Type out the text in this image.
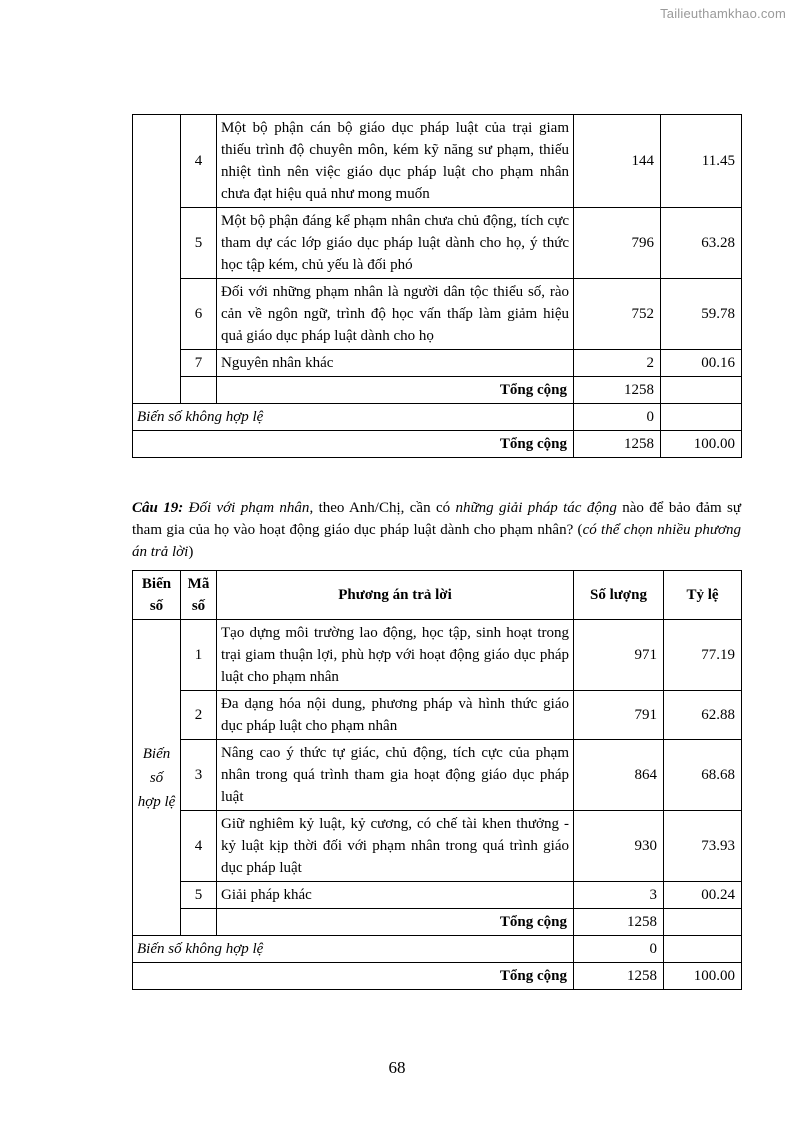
Tailieuthamkhao.com
	4	Một bộ phận cán bộ giáo dục pháp luật của trại giam thiếu trình độ chuyên môn, kém kỹ năng sư phạm, thiếu nhiệt tình nên việc giáo dục pháp luật cho phạm nhân chưa đạt hiệu quả như mong muốn	144	11.45
	5	Một bộ phận đáng kể phạm nhân chưa chủ động, tích cực tham dự các lớp giáo dục pháp luật dành cho họ, ý thức học tập kém, chủ yếu là đối phó	796	63.28
	6	Đối với những phạm nhân là người dân tộc thiểu số, rào cản về ngôn ngữ, trình độ học vấn thấp làm giảm hiệu quả giáo dục pháp luật dành cho họ	752	59.78
	7	Nguyên nhân khác	2	00.16
		Tổng cộng	1258	
Biến số không hợp lệ			0	
Tổng cộng			1258	100.00
Câu 19: Đối với phạm nhân, theo Anh/Chị, cần có những giải pháp tác động nào để bảo đảm sự tham gia của họ vào hoạt động giáo dục pháp luật dành cho phạm nhân? (có thể chọn nhiều phương án trả lời)
Biến số	Mã số	Phương án trả lời	Số lượng	Tỷ lệ
Biến số hợp lệ	1	Tạo dựng môi trường lao động, học tập, sinh hoạt trong trại giam thuận lợi, phù hợp với hoạt động giáo dục pháp luật cho phạm nhân	971	77.19
	2	Đa dạng hóa nội dung, phương pháp và hình thức giáo dục pháp luật cho phạm nhân	791	62.88
	3	Nâng cao ý thức tự giác, chủ động, tích cực của phạm nhân trong quá trình tham gia hoạt động giáo dục pháp luật	864	68.68
	4	Giữ nghiêm kỷ luật, kỷ cương, có chế tài khen thưởng - kỷ luật kịp thời đối với phạm nhân trong quá trình giáo dục pháp luật	930	73.93
	5	Giải pháp khác	3	00.24
		Tổng cộng	1258	
Biến số không hợp lệ			0	
Tổng cộng			1258	100.00
68
